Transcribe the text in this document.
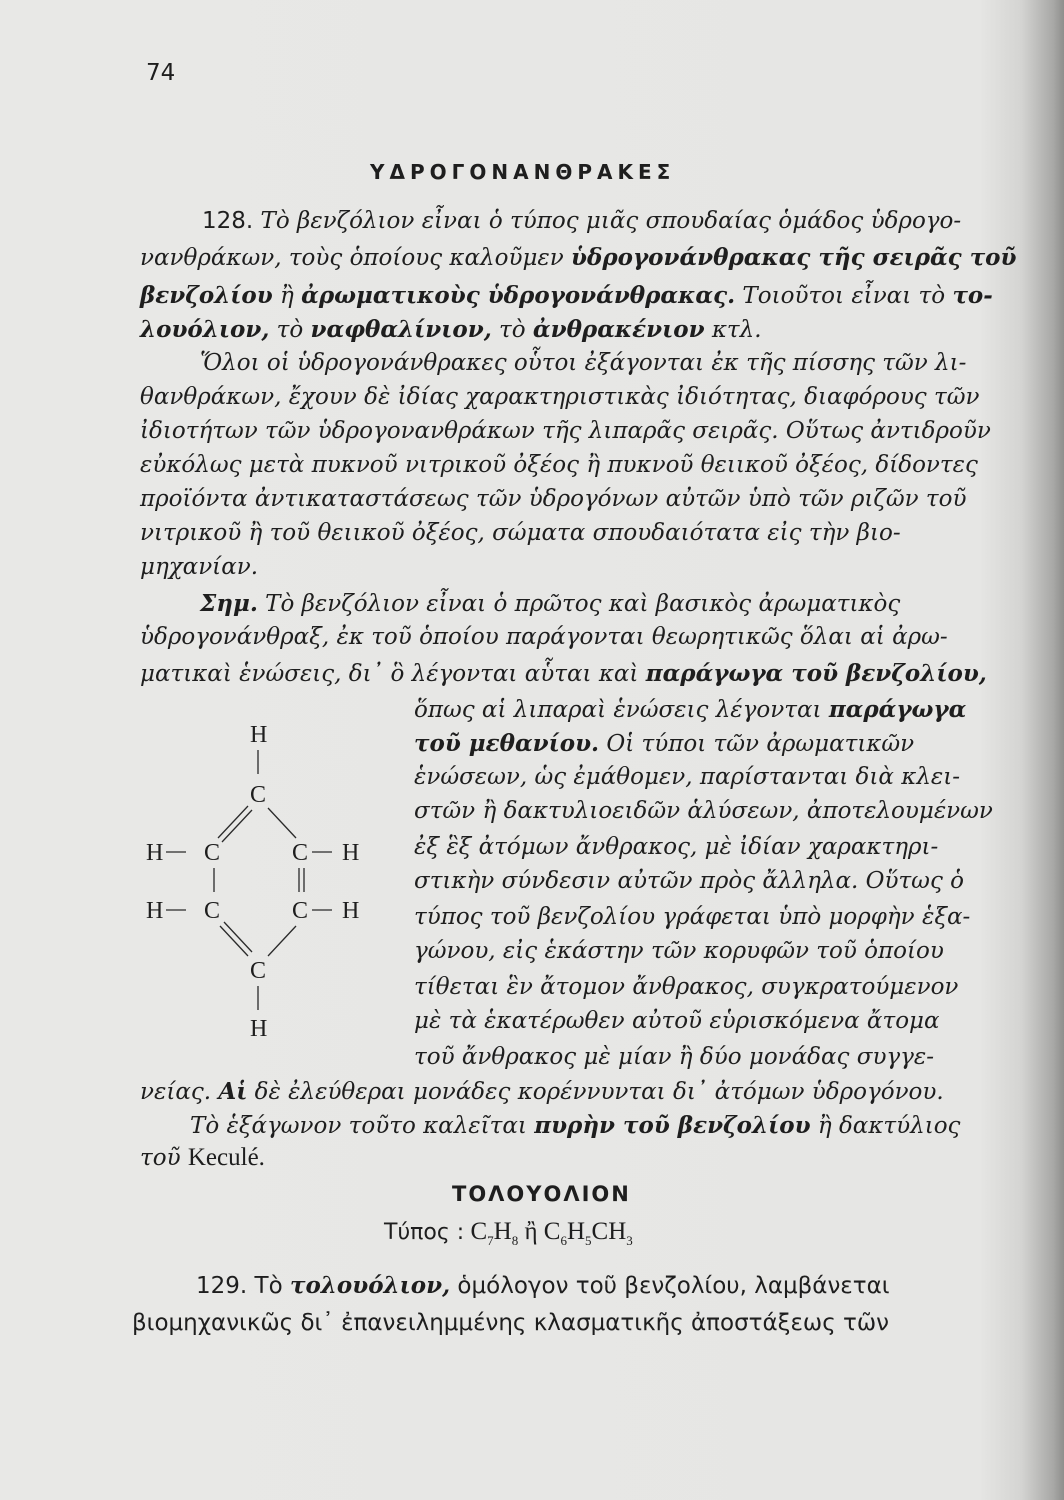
74
ΥΔΡΟΓΟΝΑΝΘΡΑΚΕΣ
128. Τὸ βενζόλιον εἶναι ὁ τύπος μιᾶς σπουδαίας ὁμάδος ὑδρογο-
νανθράκων, τοὺς ὁποίους καλοῦμεν ὑδρογονάνθρακας τῆς σειρᾶς τοῦ
βενζολίου ἢ ἀρωματικοὺς ὑδρογονάνθρακας. Τοιοῦτοι εἶναι τὸ το-
λουόλιον, τὸ ναφθαλίνιον, τὸ ἀνθρακένιον κτλ.
Ὅλοι οἱ ὑδρογονάνθρακες οὗτοι ἐξάγονται ἐκ τῆς πίσσης τῶν λι-
θανθράκων, ἔχουν δὲ ἰδίας χαρακτηριστικὰς ἰδιότητας, διαφόρους τῶν
ἰδιοτήτων τῶν ὑδρογονανθράκων τῆς λιπαρᾶς σειρᾶς. Οὕτως ἀντιδροῦν
εὐκόλως μετὰ πυκνοῦ νιτρικοῦ ὀξέος ἢ πυκνοῦ θειικοῦ ὀξέος, δίδοντες
προϊόντα ἀντικαταστάσεως τῶν ὑδρογόνων αὐτῶν ὑπὸ τῶν ριζῶν τοῦ
νιτρικοῦ ἢ τοῦ θειικοῦ ὀξέος, σώματα σπουδαιότατα εἰς τὴν βιο-
μηχανίαν.
Σημ. Τὸ βενζόλιον εἶναι ὁ πρῶτος καὶ βασικὸς ἀρωματικὸς
ὑδρογονάνθραξ, ἐκ τοῦ ὁποίου παράγονται θεωρητικῶς ὅλαι αἱ ἀρω-
ματικαὶ ἑνώσεις, δι᾽ ὃ λέγονται αὗται καὶ παράγωγα τοῦ βενζολίου,
ὅπως αἱ λιπαραὶ ἑνώσεις λέγονται παράγωγα
τοῦ μεθανίου. Οἱ τύποι τῶν ἀρωματικῶν
ἑνώσεων, ὡς ἐμάθομεν, παρίστανται διὰ κλει-
στῶν ἢ δακτυλιοειδῶν ἁλύσεων, ἀποτελουμένων
ἐξ ἓξ ἀτόμων ἄνθρακος, μὲ ἰδίαν χαρακτηρι-
στικὴν σύνδεσιν αὐτῶν πρὸς ἄλληλα. Οὕτως ὁ
τύπος τοῦ βενζολίου γράφεται ὑπὸ μορφὴν ἑξα-
γώνου, εἰς ἑκάστην τῶν κορυφῶν τοῦ ὁποίου
τίθεται ἓν ἄτομον ἄνθρακος, συγκρατούμενον
μὲ τὰ ἑκατέρωθεν αὐτοῦ εὑρισκόμενα ἄτομα
τοῦ ἄνθρακος μὲ μίαν ἢ δύο μονάδας συγγε-
νείας. Αἱ δὲ ἐλεύθεραι μονάδες κορέννυνται δι᾽ ἀτόμων ὑδρογόνου.
Τὸ ἑξάγωνον τοῦτο καλεῖται πυρὴν τοῦ βενζολίου ἢ δακτύλιος
τοῦ Keculé.
H
C
H C	C H
H C	C H
C
H
ΤΟΛΟΥΟΛΙΟΝ
Τύπος : $C_7H_8$ ἢ $C_6H_5CH_3$
129. Τὸ τολουόλιον, ὁμόλογον τοῦ βενζολίου, λαμβάνεται
βιομηχανικῶς δι᾽ ἐπανειλημμένης κλασματικῆς ἀποστάξεως τῶν
